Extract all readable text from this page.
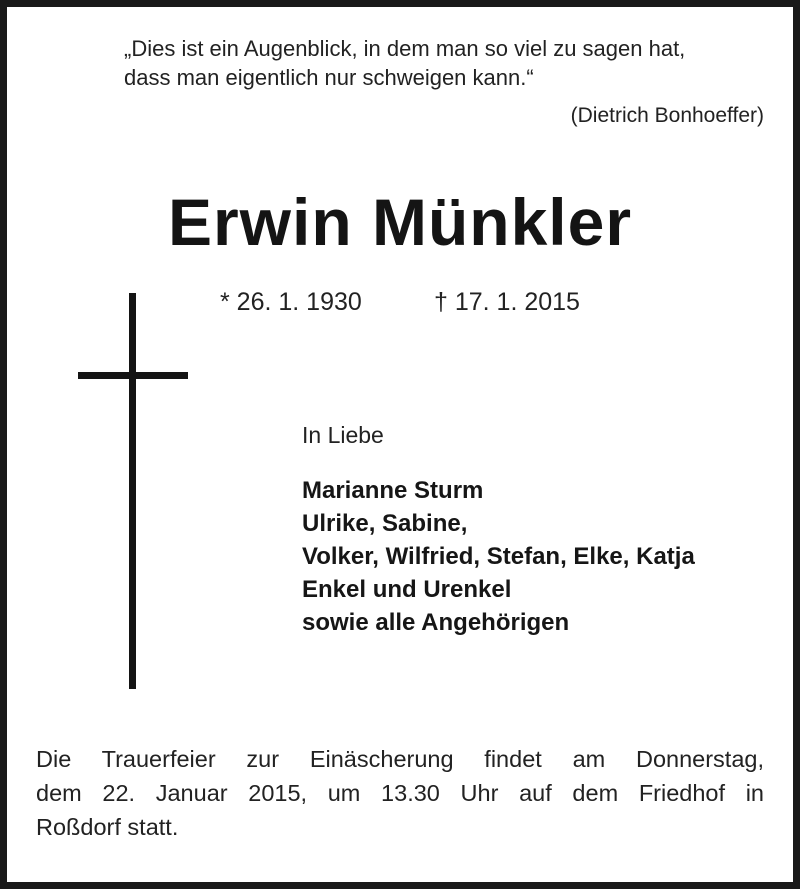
„Dies ist ein Augenblick, in dem man so viel zu sagen hat,
dass man eigentlich nur schweigen kann.“
(Dietrich Bonhoeffer)
Erwin Münkler
* 26. 1. 1930	† 17. 1. 2015
In Liebe
Marianne Sturm
Ulrike, Sabine,
Volker, Wilfried, Stefan, Elke, Katja
Enkel und Urenkel
sowie alle Angehörigen
Die Trauerfeier zur Einäscherung findet am Donnerstag,
dem 22. Januar 2015, um 13.30 Uhr auf dem Friedhof in
Roßdorf statt.
